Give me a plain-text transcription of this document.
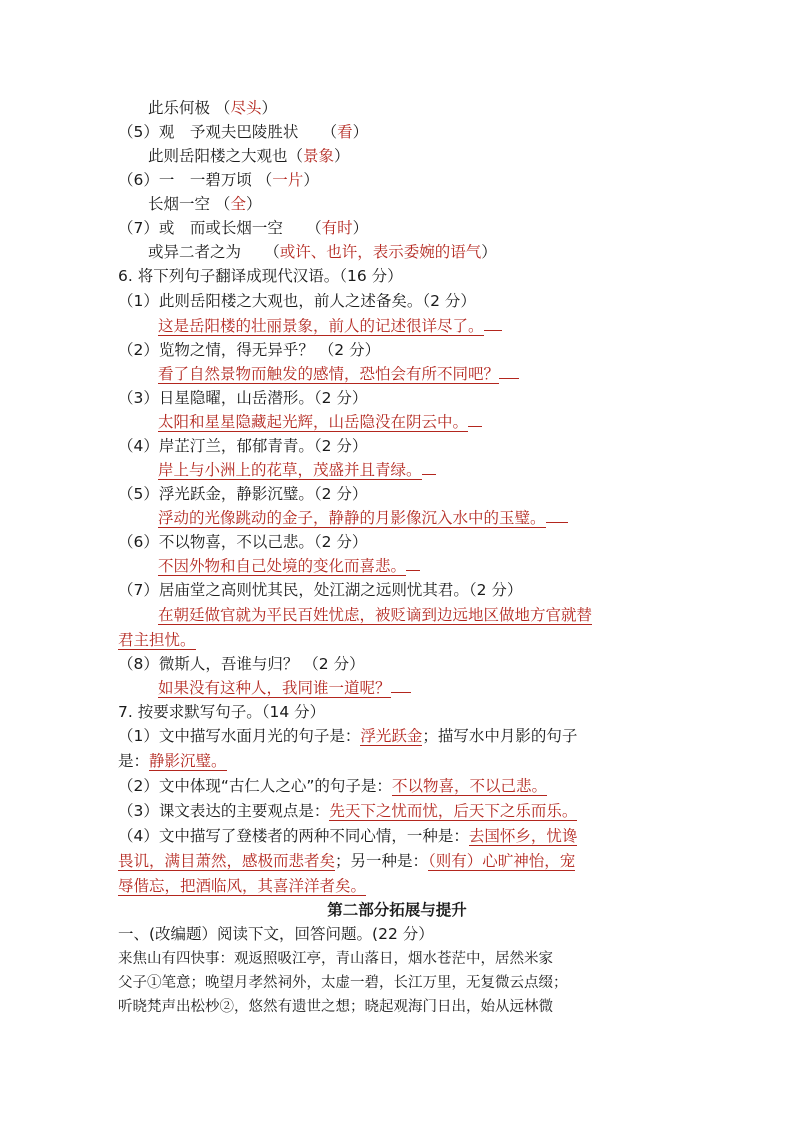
此乐何极 （尽头）
（5）观　予观夫巴陵胜状　　（看）
此则岳阳楼之大观也（景象）
（6）一　一碧万顷 （一片）
长烟一空 （全）
（7）或　而或长烟一空　　（有时）
或异二者之为　　（或许、也许，表示委婉的语气）
6. 将下列句子翻译成现代汉语。（16 分）
（1）此则岳阳楼之大观也，前人之述备矣。（2 分）
这是岳阳楼的壮丽景象，前人的记述很详尽了。
（2）览物之情，得无异乎？ （2 分）
看了自然景物而触发的感情，恐怕会有所不同吧？
（3）日星隐曜，山岳潜形。（2 分）
太阳和星星隐藏起光辉，山岳隐没在阴云中。
（4）岸芷汀兰，郁郁青青。（2 分）
岸上与小洲上的花草，茂盛并且青绿。
（5）浮光跃金，静影沉璧。（2 分）
浮动的光像跳动的金子，静静的月影像沉入水中的玉璧。
（6）不以物喜，不以己悲。（2 分）
不因外物和自己处境的变化而喜悲。
（7）居庙堂之高则忧其民，处江湖之远则忧其君。（2 分）
在朝廷做官就为平民百姓忧虑，被贬谪到边远地区做地方官就替
君主担忧。
（8）微斯人，吾谁与归？ （2 分）
如果没有这种人，我同谁一道呢？
7. 按要求默写句子。（14 分）
（1）文中描写水面月光的句子是：浮光跃金；描写水中月影的句子
是：静影沉璧。
（2）文中体现“古仁人之心”的句子是：不以物喜，不以己悲。
（3）课文表达的主要观点是：先天下之忧而忧，后天下之乐而乐。
（4）文中描写了登楼者的两种不同心情，一种是：去国怀乡，忧谗
畏讥，满目萧然，感极而悲者矣；另一种是：（则有）心旷神怡，宠
辱偕忘，把酒临风，其喜洋洋者矣。
第二部分拓展与提升
一、(改编题）阅读下文，回答问题。(22 分）
来焦山有四快事：观返照吸江亭，青山落日，烟水苍茫中，居然米家
父子①笔意；晚望月孝然祠外，太虚一碧，长江万里，无复微云点缀；
听晓梵声出松杪②，悠然有遗世之想；晓起观海门日出，始从远林微
